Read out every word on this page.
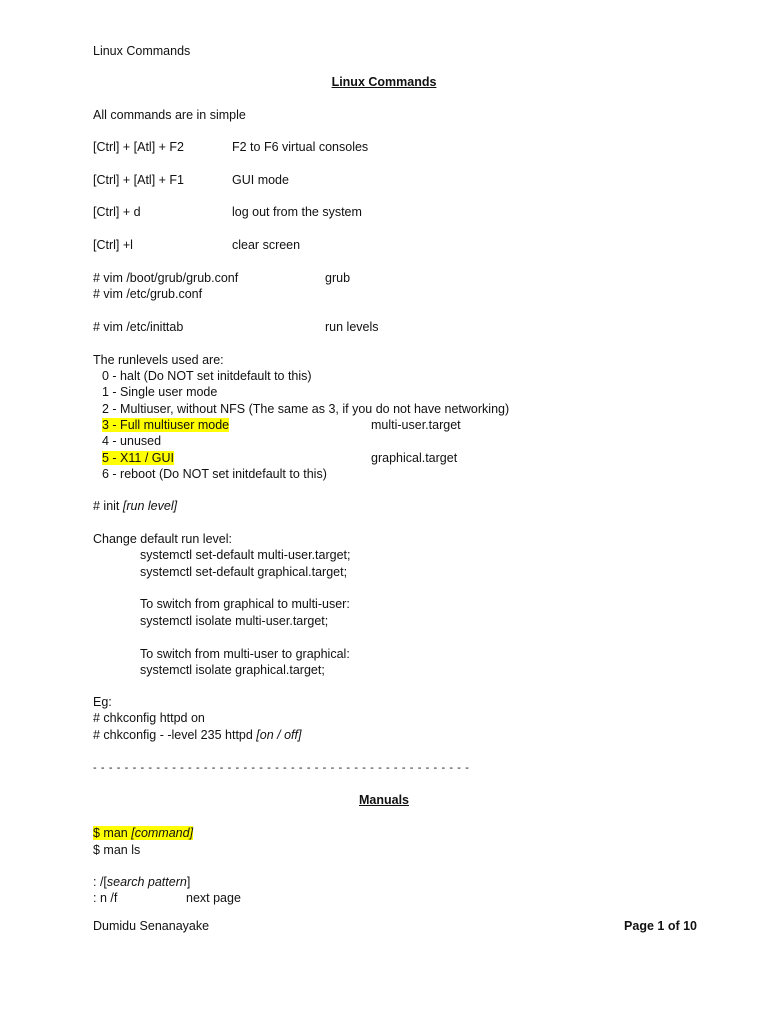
Linux Commands
Linux Commands
All commands are in simple
[Ctrl] + [Atl] + F2	F2 to F6 virtual consoles
[Ctrl] + [Atl] + F1	GUI mode
[Ctrl] + d	log out from the system
[Ctrl] +l	clear screen
# vim /boot/grub/grub.conf	grub
# vim /etc/grub.conf
# vim /etc/inittab	run levels
The runlevels used are:
0 - halt (Do NOT set initdefault to this)
1 - Single user mode
2 - Multiuser, without NFS (The same as 3, if you do not have networking)
3 - Full multiuser mode	multi-user.target
4 - unused
5 - X11 / GUI	graphical.target
6 - reboot (Do NOT set initdefault to this)
# init [run level]
Change default run level:
systemctl set-default multi-user.target;
systemctl set-default graphical.target;
To switch from graphical to multi-user:
systemctl isolate multi-user.target;
To switch from multi-user to graphical:
systemctl isolate graphical.target;
Eg:
# chkconfig httpd on
# chkconfig - -level 235 httpd [on / off]
- - - - - - - - - - - - - - - - - - - - - - - - - - - - - - - - - - - - - - - - - - - - - - - -
Manuals
$ man [command]
$ man ls
: /[search pattern]
: n /f	next page
Dumidu Senanayake	Page 1 of 10
